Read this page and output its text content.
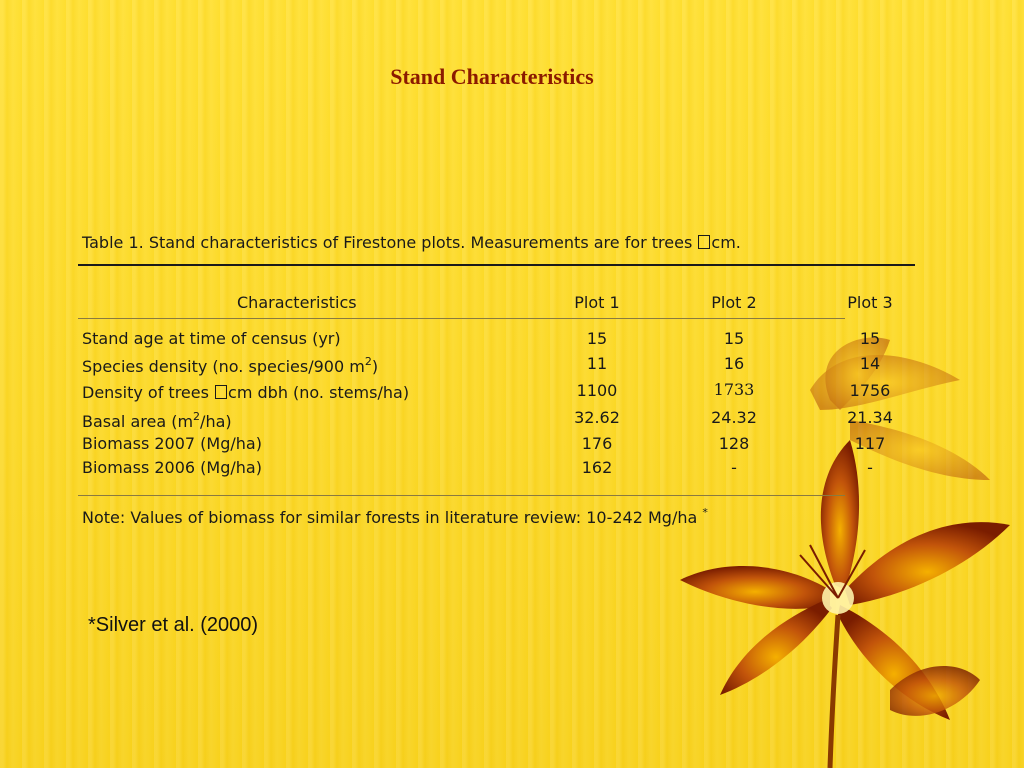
Stand Characteristics
Table 1. Stand characteristics of Firestone plots. Measurements are for trees cm.
Characteristics	Plot 1	Plot 2	Plot 3
Stand age at time of census (yr)	15	15	15
Species density (no. species/900 $m^2$)	11	16	14
Density of trees cm dbh (no. stems/ha)	1100	1733	1756
Basal area $(m^2/ha)$	32.62	24.32	21.34
Biomass 2007 (Mg/ha)	176	128	117
Biomass 2006 (Mg/ha)	162	-	-
Note: Values of biomass for similar forests in literature review: 10-242 Mg/ha *
*Silver et al. (2000)
